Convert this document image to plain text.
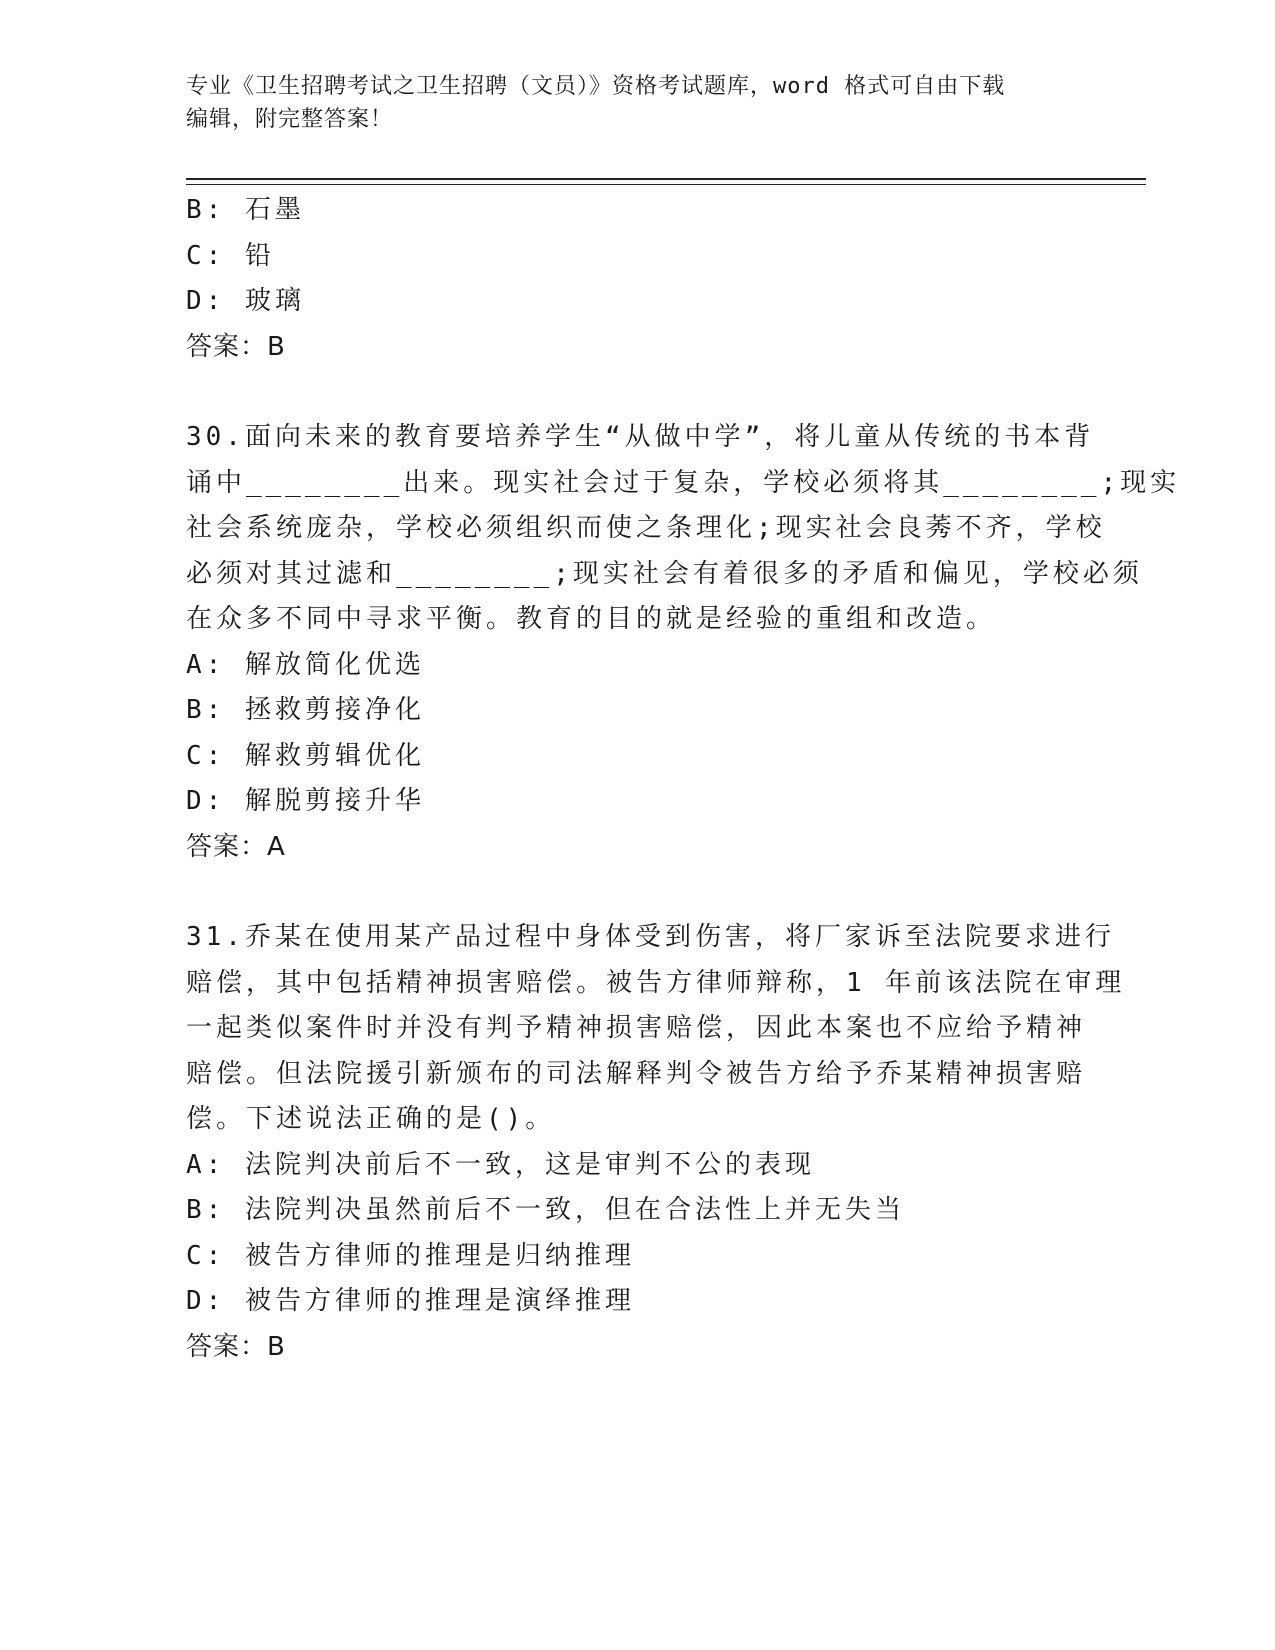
专业《卫生招聘考试之卫生招聘（文员）》资格考试题库，word 格式可自由下载
编辑，附完整答案！
B: 石墨
C: 铅
D: 玻璃
答案：B
30.面向未来的教育要培养学生“从做中学”，将儿童从传统的书本背
诵中________出来。现实社会过于复杂，学校必须将其________;现实
社会系统庞杂，学校必须组织而使之条理化;现实社会良莠不齐，学校
必须对其过滤和________;现实社会有着很多的矛盾和偏见，学校必须
在众多不同中寻求平衡。教育的目的就是经验的重组和改造。
A: 解放简化优选
B: 拯救剪接净化
C: 解救剪辑优化
D: 解脱剪接升华
答案：A
31.乔某在使用某产品过程中身体受到伤害，将厂家诉至法院要求进行
赔偿，其中包括精神损害赔偿。被告方律师辩称，1 年前该法院在审理
一起类似案件时并没有判予精神损害赔偿，因此本案也不应给予精神
赔偿。但法院援引新颁布的司法解释判令被告方给予乔某精神损害赔
偿。下述说法正确的是()。
A: 法院判决前后不一致，这是审判不公的表现
B: 法院判决虽然前后不一致，但在合法性上并无失当
C: 被告方律师的推理是归纳推理
D: 被告方律师的推理是演绎推理
答案：B
